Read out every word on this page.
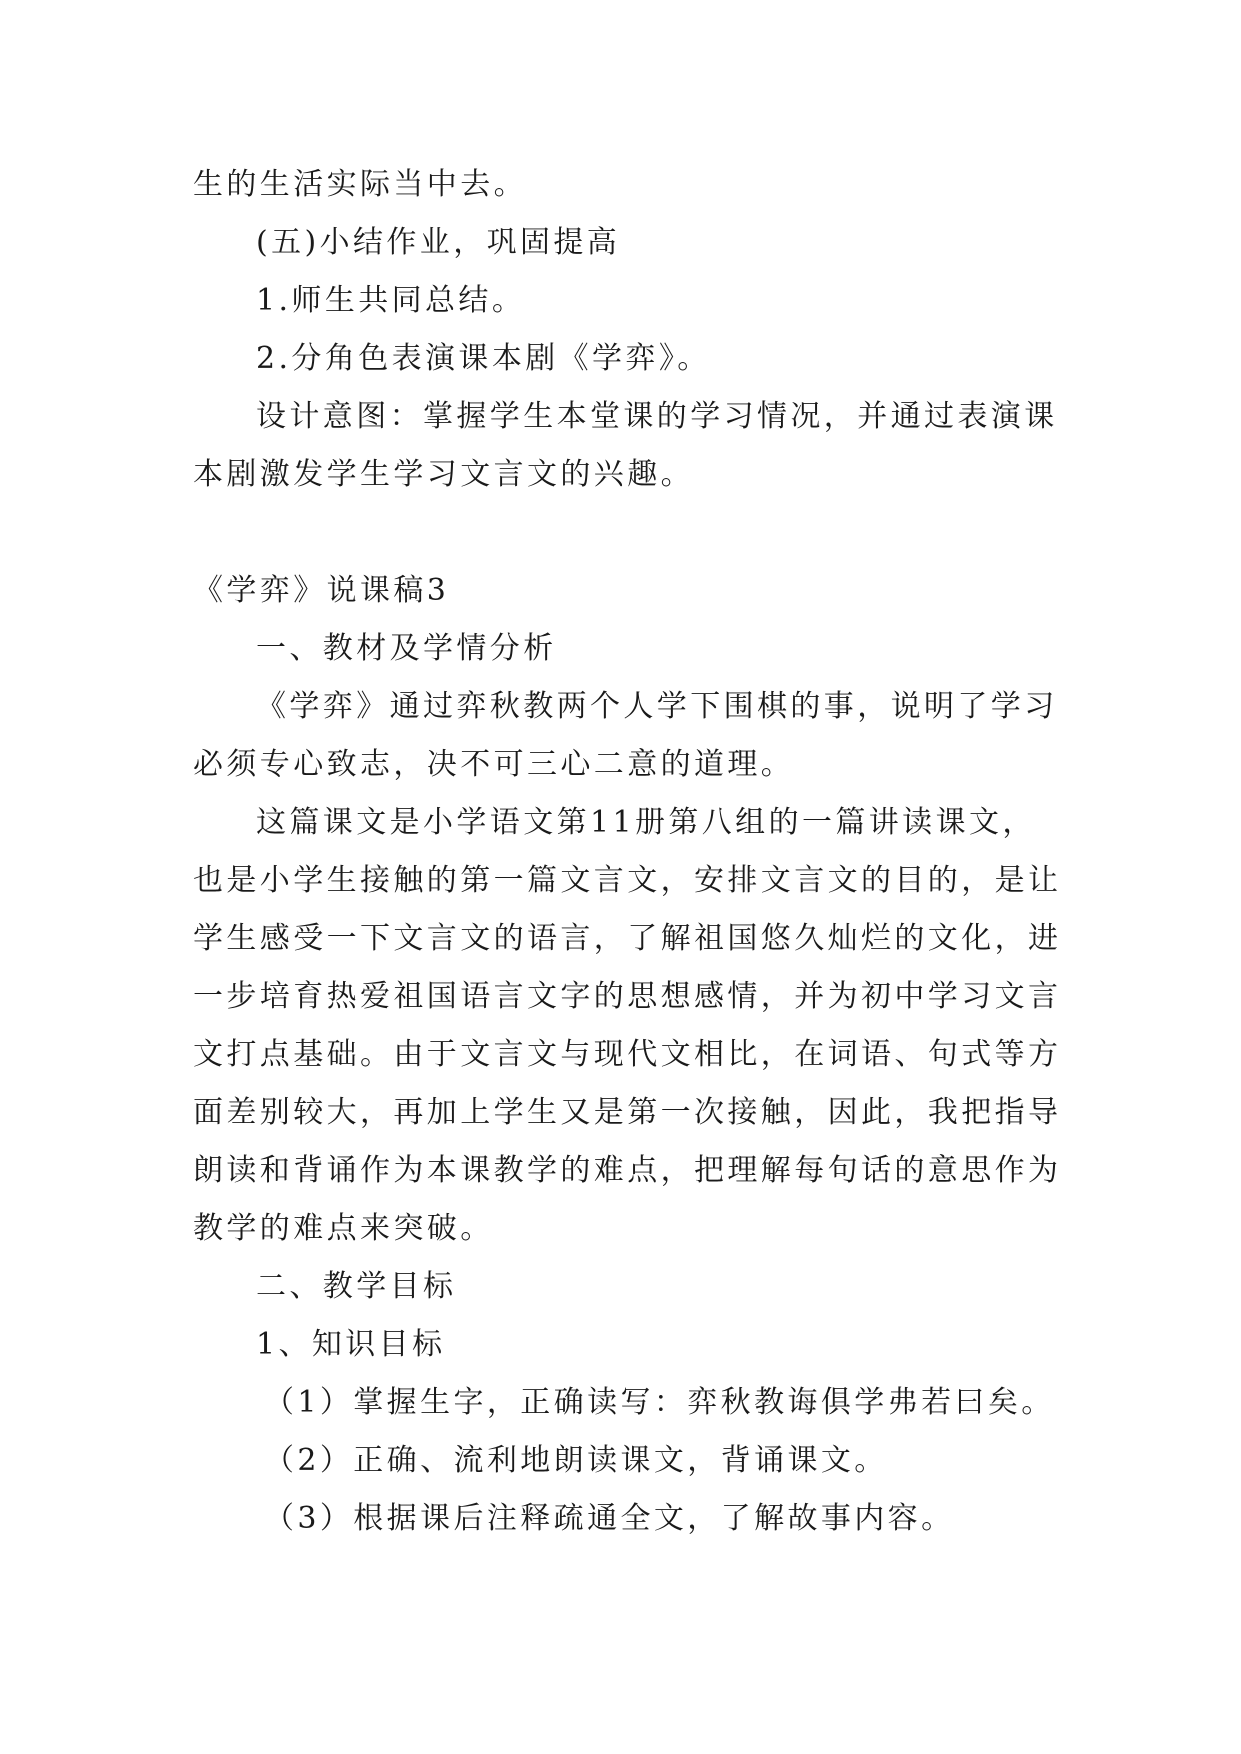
生的生活实际当中去。
(五)小结作业，巩固提高
1.师生共同总结。
2.分角色表演课本剧《学弈》。
设计意图：掌握学生本堂课的学习情况，并通过表演课
本剧激发学生学习文言文的兴趣。
《学弈》说课稿3
一、教材及学情分析
《学弈》通过弈秋教两个人学下围棋的事，说明了学习
必须专心致志，决不可三心二意的道理。
这篇课文是小学语文第11册第八组的一篇讲读课文，
也是小学生接触的第一篇文言文，安排文言文的目的，是让
学生感受一下文言文的语言，了解祖国悠久灿烂的文化，进
一步培育热爱祖国语言文字的思想感情，并为初中学习文言
文打点基础。由于文言文与现代文相比，在词语、句式等方
面差别较大，再加上学生又是第一次接触，因此，我把指导
朗读和背诵作为本课教学的难点，把理解每句话的意思作为
教学的难点来突破。
二、教学目标
1、知识目标
（1）掌握生字，正确读写：弈秋教诲俱学弗若曰矣。
（2）正确、流利地朗读课文，背诵课文。
（3）根据课后注释疏通全文，了解故事内容。
